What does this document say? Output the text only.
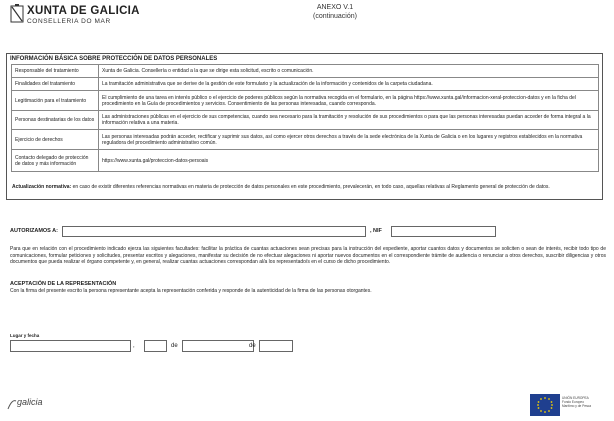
XUNTA DE GALICIA
CONSELLERIA DO MAR
ANEXO V.1
(continuación)
INFORMACIÓN BÁSICA SOBRE PROTECCIÓN DE DATOS PERSONALES
Responsable del tratamiento	Xunta de Galicia. Consellería o entidad a la que se dirige esta solicitud, escrito o comunicación.
Finalidades del tratamiento	La tramitación administrativa que se derive de la gestión de este formulario y la actualización de la información y contenidos de la carpeta ciudadana.
Legitimación para el tratamiento	El cumplimiento de una tarea en interés público o el ejercicio de poderes públicos según la normativa recogida en el formulario, en la página https://www.xunta.gal/informacion-xeral-proteccion-datos y en la ficha del procedimiento en la Guía de procedimientos y servicios. Consentimiento de las personas interesadas, cuando corresponda.
Personas destinatarias de los datos	Las administraciones públicas en el ejercicio de sus competencias, cuando sea necesario para la tramitación y resolución de sus procedimientos o para que las personas interesadas puedan acceder de forma integral a la información relativa a una materia.
Ejercicio de derechos	Las personas interesadas podrán acceder, rectificar y suprimir sus datos, así como ejercer otros derechos a través de la sede electrónica de la Xunta de Galicia o en los lugares y registros establecidos en la normativa reguladora del procedimiento administrativo común.
Contacto delegado de protección de datos y más información	https://www.xunta.gal/proteccion-datos-persoais
Actualización normativa: en caso de existir diferentes referencias normativas en materia de protección de datos personales en este procedimiento, prevalecerán, en todo caso, aquellas relativas al Reglamento general de protección de datos.
AUTORIZAMOS A:	, NIF
Para que en relación con el procedimiento indicado ejerza las siguientes facultades: facilitar la práctica de cuantas actuaciones sean precisas para la instrucción del expediente, aportar cuantos datos y documentos se soliciten o sean de interés, recibir todo tipo de comunicaciones, formular peticiones y solicitudes, presentar escritos y alegaciones, manifestar su decisión de no efectuar alegaciones ni aportar nuevos documentos en el correspondiente trámite de audiencia o renunciar a otros derechos, suscribir diligencias y otros documentos que pueda realizar el órgano competente y, en general, realizar cuantas actuaciones correspondan al/a los representado/s en el curso de dicho procedimiento.
ACEPTACIÓN DE LA REPRESENTACIÓN
Con la firma del presente escrito la persona representante acepta la representación conferida y responde de la autenticidad de la firma de las personas otorgantes.
Lugar y fecha
,	de	de
galicia	UNIÓN EUROPEA
Fondo Europeo
Marítimo y de Pesca
